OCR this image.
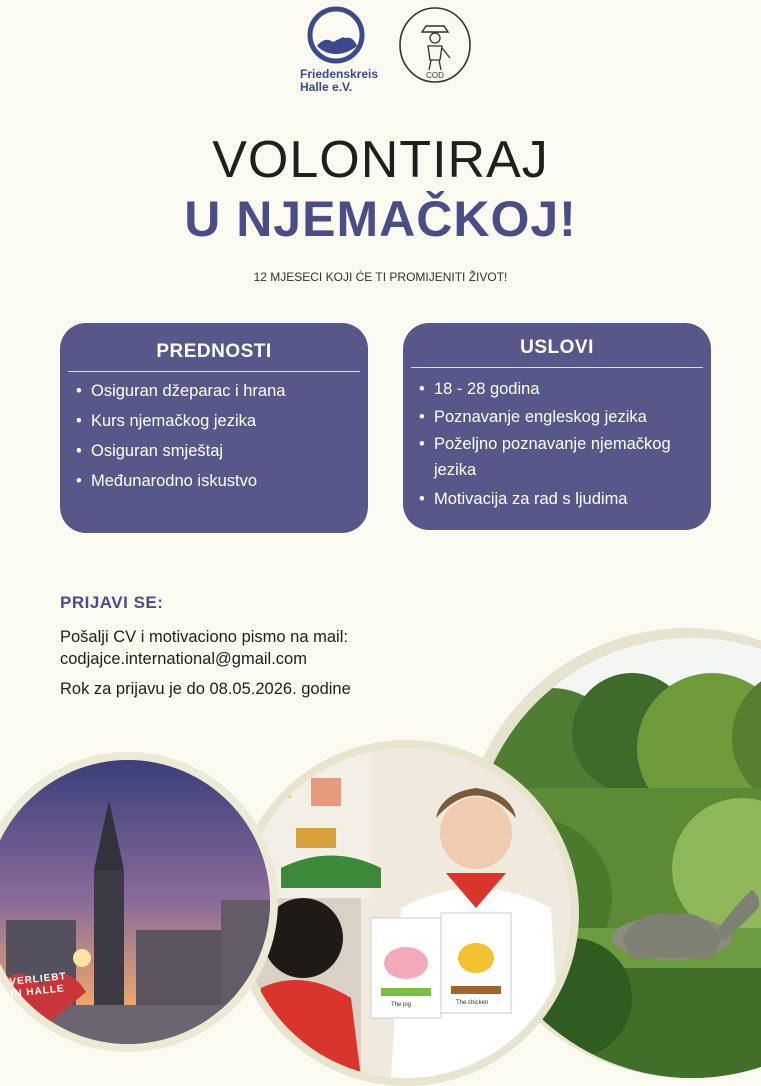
Friedenskreis
Halle e.V.
COD
VOLONTIRAJ
U NJEMAČKOJ!
12 MJESECI KOJI ĆE TI PROMIJENITI ŽIVOT!
PREDNOSTI
• Osiguran džeparac i hrana
• Kurs njemačkog jezika
• Osiguran smještaj
• Međunarodno iskustvo
USLOVI
• 18 - 28 godina
• Poznavanje engleskog jezika
• Poželjno poznavanje njemačkog jezika
• Motivacija za rad s ljudima
PRIJAVI SE:
Pošalji CV i motivaciono pismo na mail:
codjajce.international@gmail.com
Rok za prijavu je do 08.05.2026. godine
The pig	The chicken
VERLIEBT
IN HALLE
